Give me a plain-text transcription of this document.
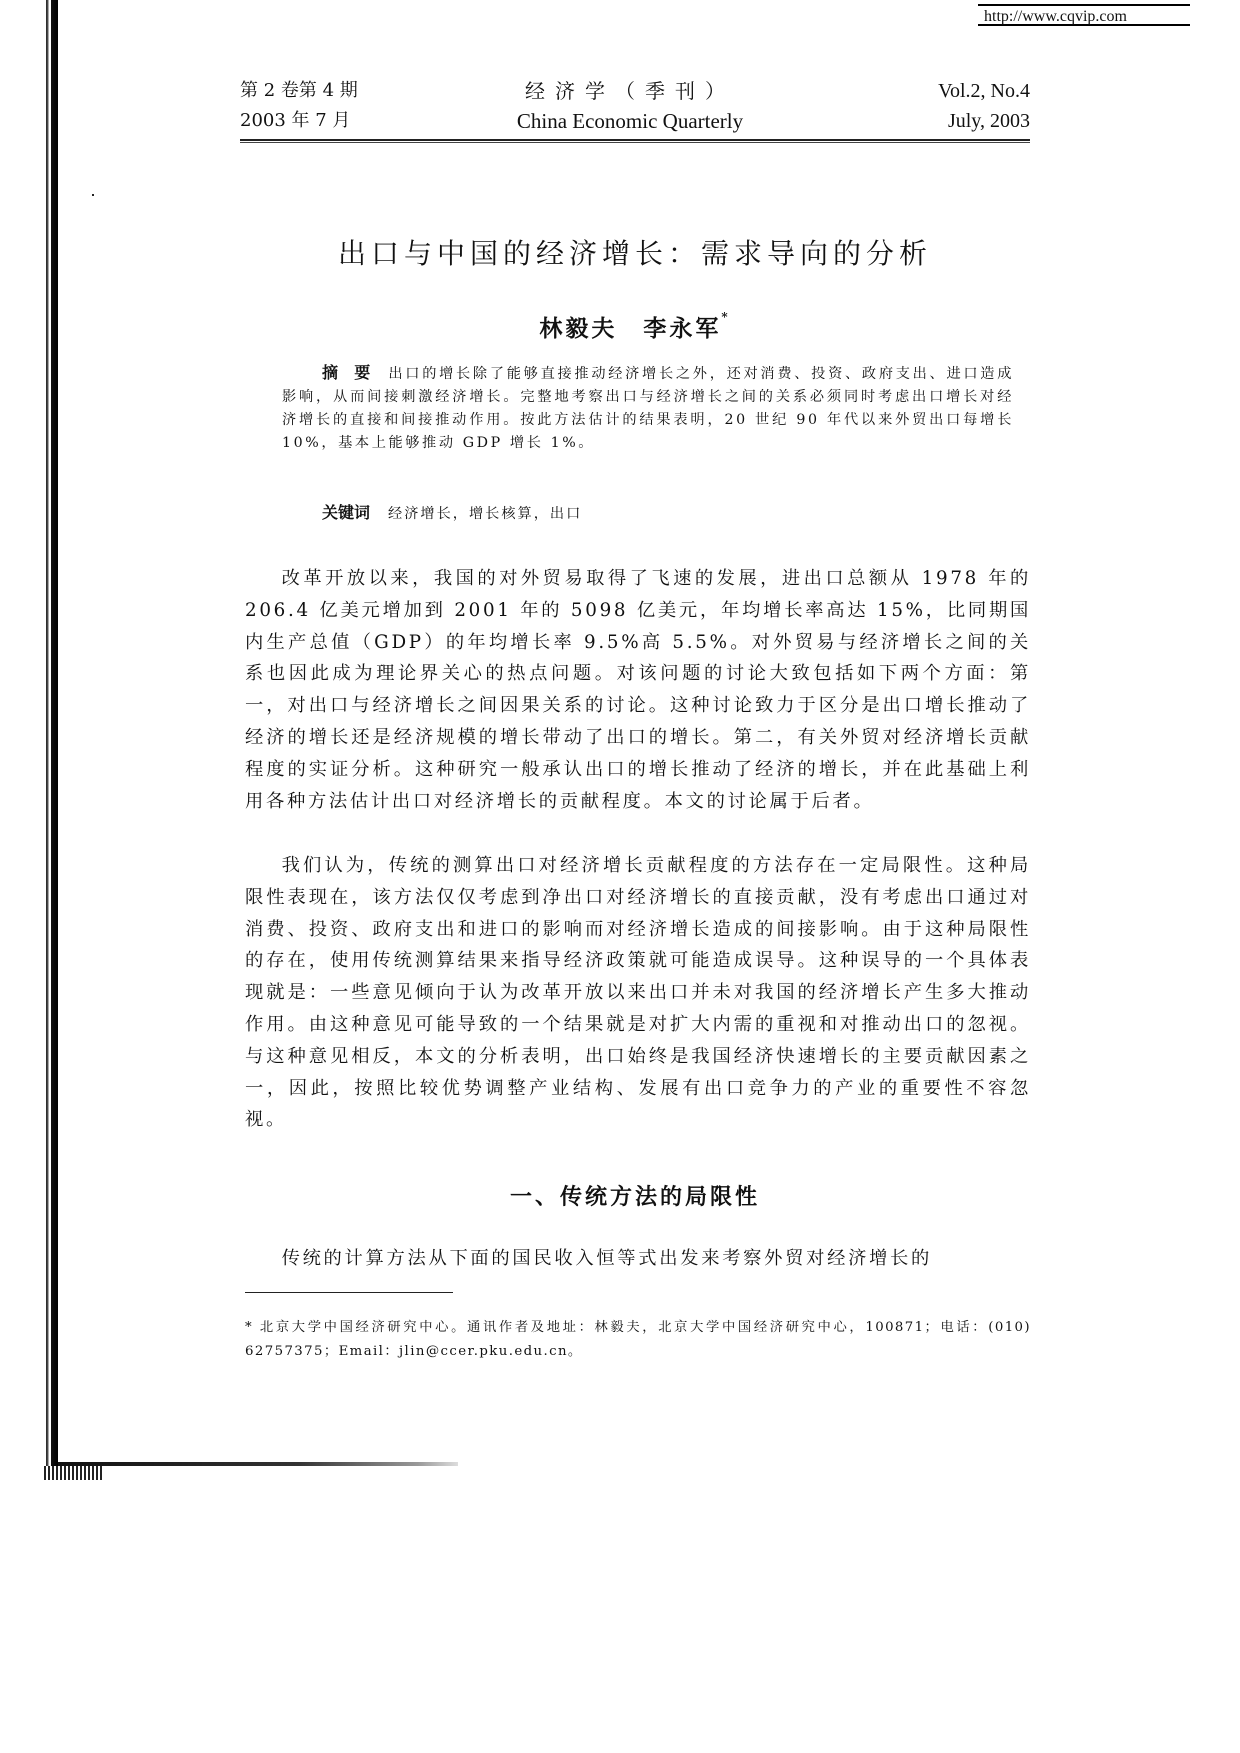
http://www.cqvip.com
第 2 卷第 4 期
2003 年 7 月
经济学（季刊）
China Economic Quarterly
Vol.2, No.4
July, 2003
出口与中国的经济增长：需求导向的分析
林毅夫　李永军*
摘　要 出口的增长除了能够直接推动经济增长之外，还对消费、投资、政府支出、进口造成影响，从而间接刺激经济增长。完整地考察出口与经济增长之间的关系必须同时考虑出口增长对经济增长的直接和间接推动作用。按此方法估计的结果表明，20 世纪 90 年代以来外贸出口每增长 10%，基本上能够推动 GDP 增长 1%。
关键词 经济增长，增长核算，出口

改革开放以来，我国的对外贸易取得了飞速的发展，进出口总额从 1978 年的 206.4 亿美元增加到 2001 年的 5098 亿美元，年均增长率高达 15%，比同期国内生产总值（GDP）的年均增长率 9.5%高 5.5%。对外贸易与经济增长之间的关系也因此成为理论界关心的热点问题。对该问题的讨论大致包括如下两个方面：第一，对出口与经济增长之间因果关系的讨论。这种讨论致力于区分是出口增长推动了经济的增长还是经济规模的增长带动了出口的增长。第二，有关外贸对经济增长贡献程度的实证分析。这种研究一般承认出口的增长推动了经济的增长，并在此基础上利用各种方法估计出口对经济增长的贡献程度。本文的讨论属于后者。

我们认为，传统的测算出口对经济增长贡献程度的方法存在一定局限性。这种局限性表现在，该方法仅仅考虑到净出口对经济增长的直接贡献，没有考虑出口通过对消费、投资、政府支出和进口的影响而对经济增长造成的间接影响。由于这种局限性的存在，使用传统测算结果来指导经济政策就可能造成误导。这种误导的一个具体表现就是：一些意见倾向于认为改革开放以来出口并未对我国的经济增长产生多大推动作用。由这种意见可能导致的一个结果就是对扩大内需的重视和对推动出口的忽视。与这种意见相反，本文的分析表明，出口始终是我国经济快速增长的主要贡献因素之一，因此，按照比较优势调整产业结构、发展有出口竞争力的产业的重要性不容忽视。

一、传统方法的局限性

传统的计算方法从下面的国民收入恒等式出发来考察外贸对经济增长的

* 北京大学中国经济研究中心。通讯作者及地址：林毅夫，北京大学中国经济研究中心，100871；电话：(010) 62757375；Email：jlin@ccer.pku.edu.cn。
